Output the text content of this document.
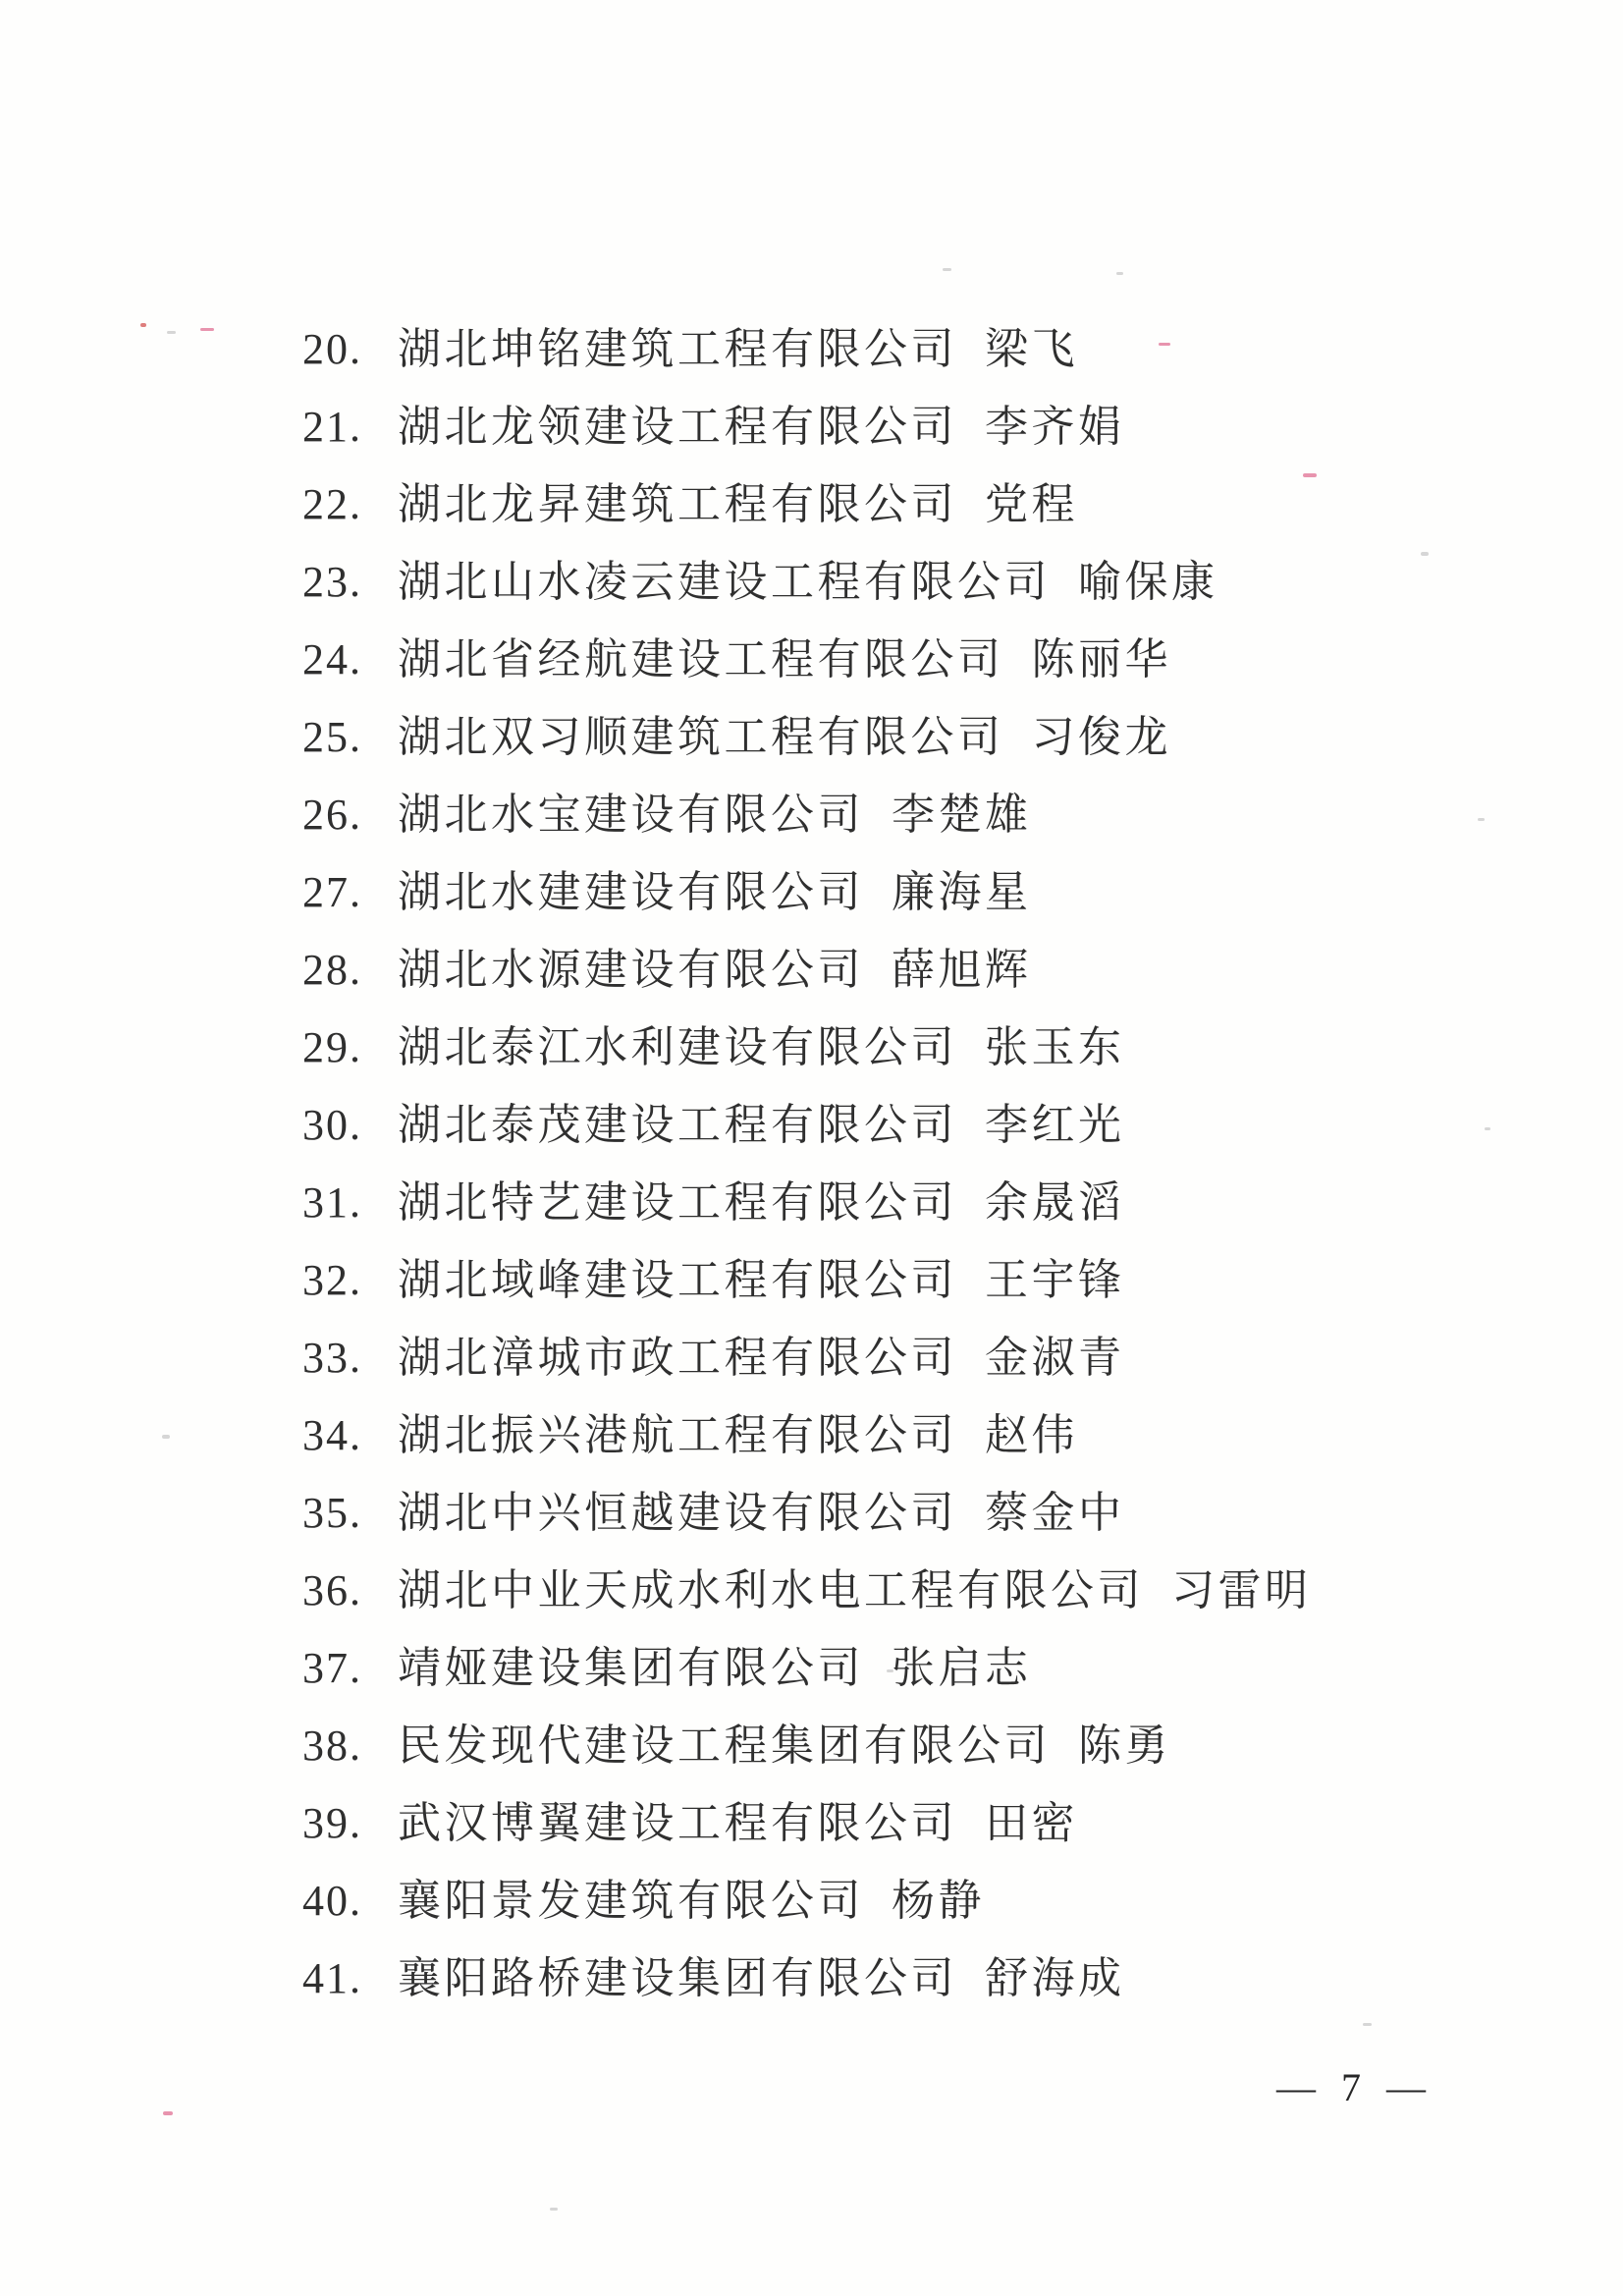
20. 湖北坤铭建筑工程有限公司 梁飞
21. 湖北龙领建设工程有限公司 李齐娟
22. 湖北龙昇建筑工程有限公司 党程
23. 湖北山水凌云建设工程有限公司 喻保康
24. 湖北省经航建设工程有限公司 陈丽华
25. 湖北双习顺建筑工程有限公司 习俊龙
26. 湖北水宝建设有限公司 李楚雄
27. 湖北水建建设有限公司 廉海星
28. 湖北水源建设有限公司 薛旭辉
29. 湖北泰江水利建设有限公司 张玉东
30. 湖北泰茂建设工程有限公司 李红光
31. 湖北特艺建设工程有限公司 余晟滔
32. 湖北域峰建设工程有限公司 王宇锋
33. 湖北漳城市政工程有限公司 金淑青
34. 湖北振兴港航工程有限公司 赵伟
35. 湖北中兴恒越建设有限公司 蔡金中
36. 湖北中业天成水利水电工程有限公司 习雷明
37. 靖娅建设集团有限公司 张启志
38. 民发现代建设工程集团有限公司 陈勇
39. 武汉博翼建设工程有限公司 田密
40. 襄阳景发建筑有限公司 杨静
41. 襄阳路桥建设集团有限公司 舒海成
— 7 —
